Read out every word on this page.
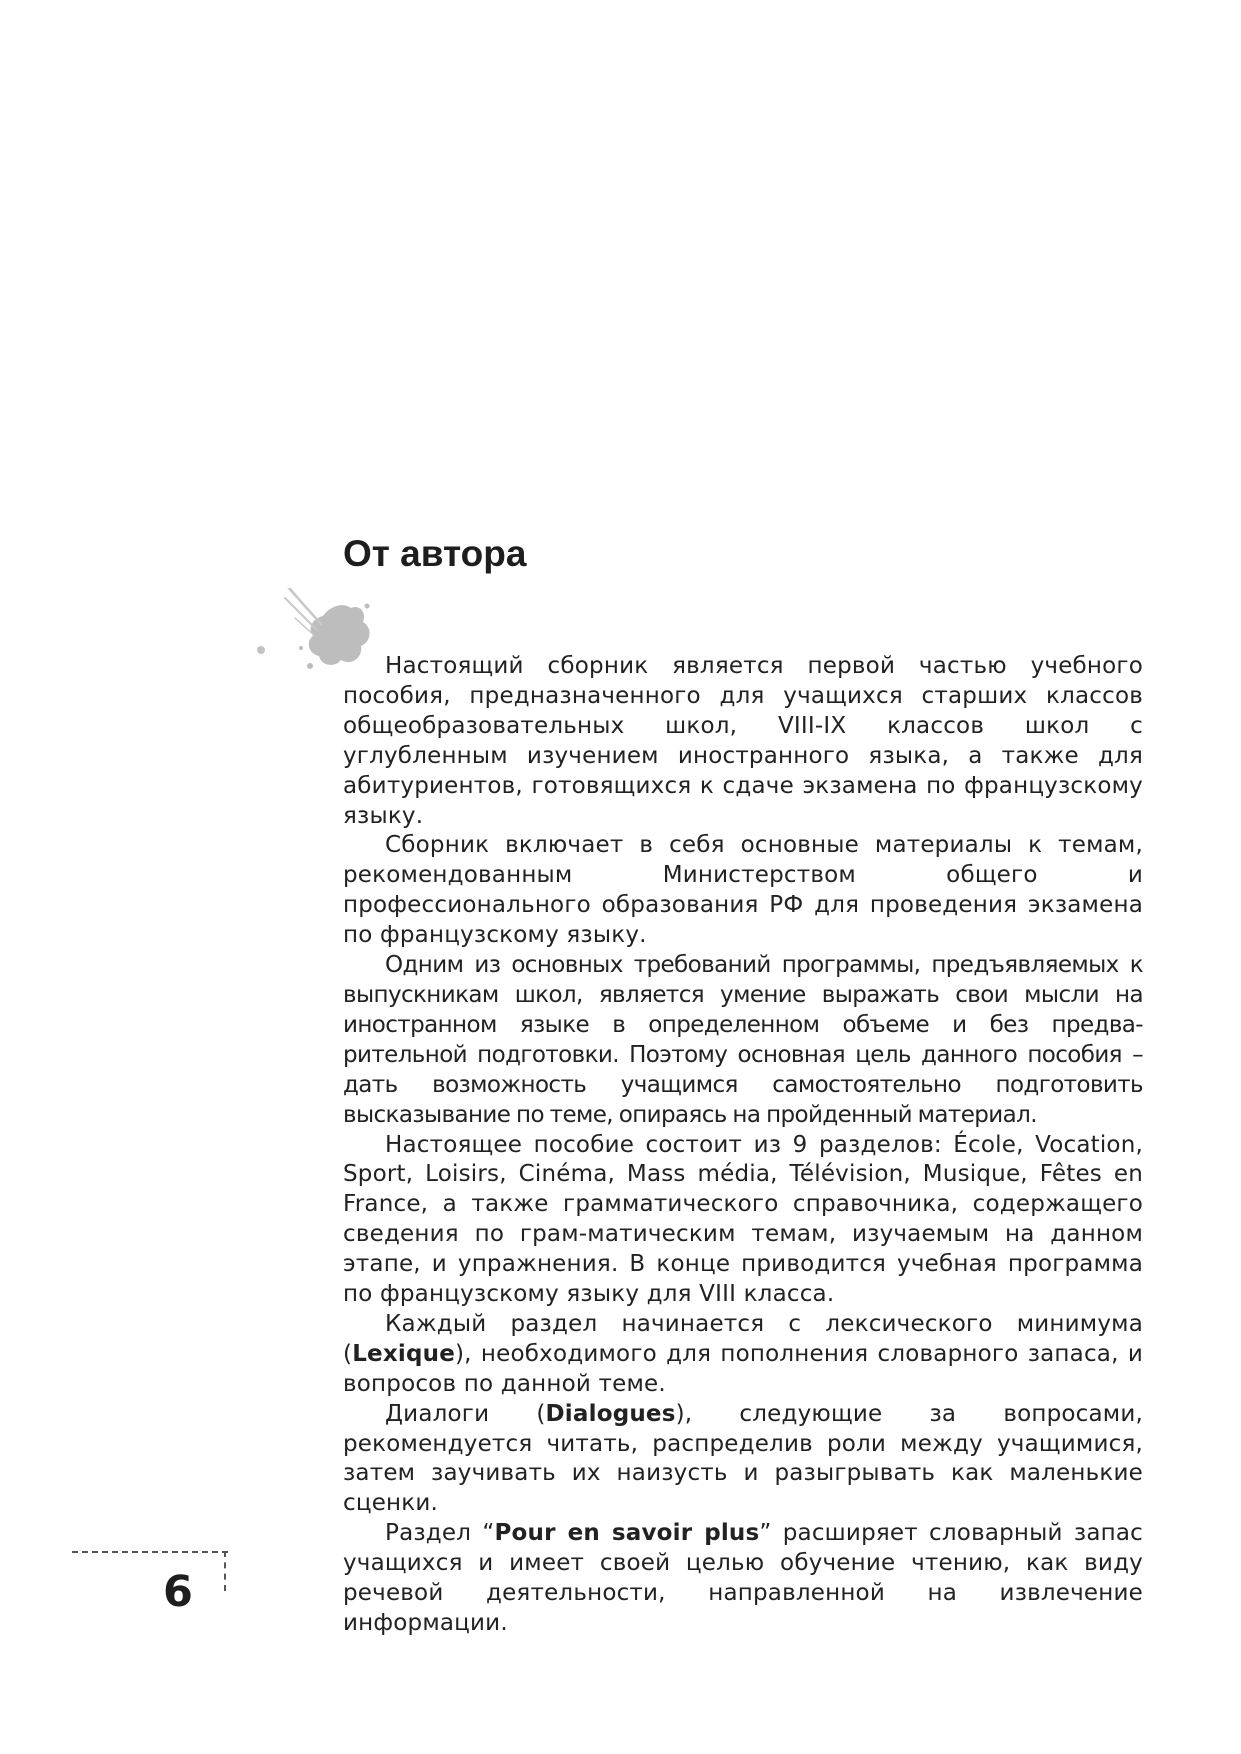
От автора

Настоящий сборник является первой частью учебного пособия, предназначенного для учащихся старших классов общеобразовательных школ, VIII-IX классов школ с углубленным изучением иностранного языка, а также для абитуриентов, готовящихся к сдаче экзамена по французскому языку.

Сборник включает в себя основные материалы к темам, рекомендованным Министерством общего и профессионального образования РФ для проведения экзамена по французскому языку.

Одним из основных требований программы, предъявляемых к выпускникам школ, является умение выражать свои мысли на иностранном языке в определенном объеме и без предва-рительной подготовки. Поэтому основная цель данного пособия – дать возможность учащимся самостоятельно подготовить высказывание по теме, опираясь на пройденный материал.

Настоящее пособие состоит из 9 разделов: École, Vocation, Sport, Loisirs, Cinéma, Mass média, Télévision, Musique, Fêtes en France, а также грамматического справочника, содержащего сведения по грам-матическим темам, изучаемым на данном этапе, и упражнения. В конце приводится учебная программа по французскому языку для VIII класса.

Каждый раздел начинается с лексического минимума (Lexique), необходимого для пополнения словарного запаса, и вопросов по данной теме.

Диалоги (Dialogues), следующие за вопросами, рекомендуется читать, распределив роли между учащимися, затем заучивать их наизусть и разыгрывать как маленькие сценки.

Раздел “Pour en savoir plus” расширяет словарный запас учащихся и имеет своей целью обучение чтению, как виду речевой деятельности, направленной на извлечение информации.

6
